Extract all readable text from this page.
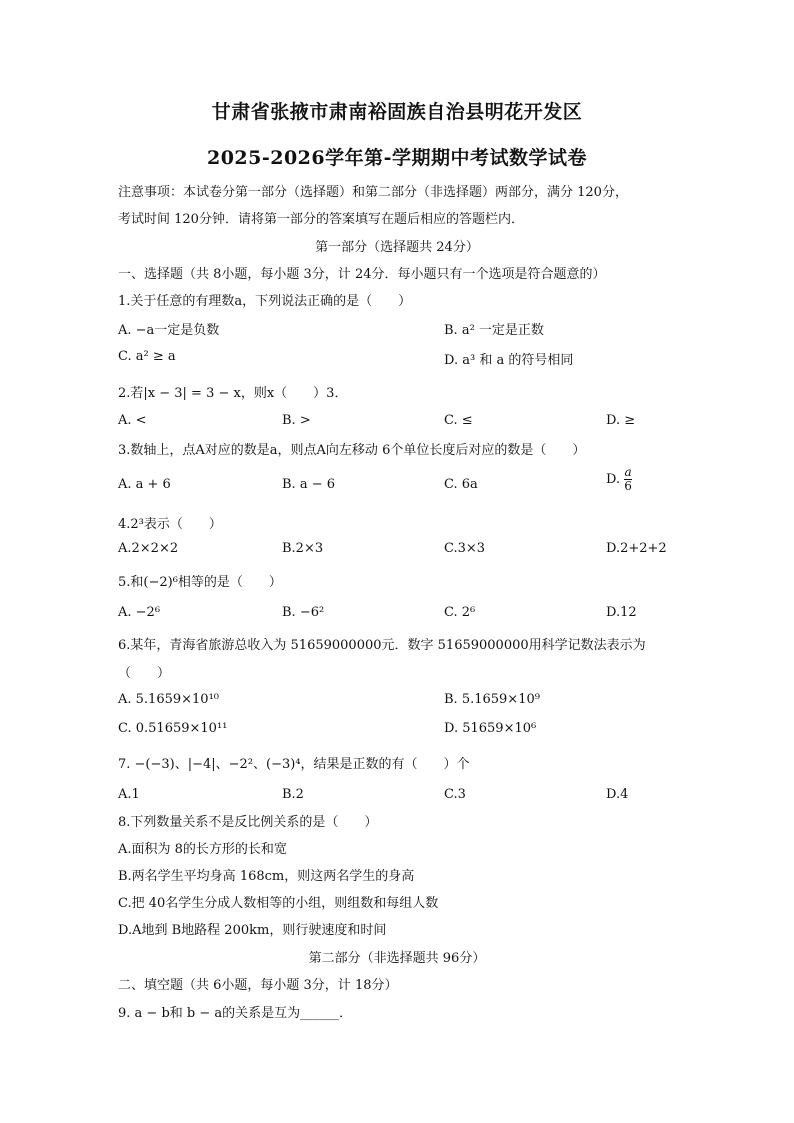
甘肃省张掖市肃南裕固族自治县明花开发区
2025-2026学年第-学期期中考试数学试卷
注意事项：本试卷分第一部分（选择题）和第二部分（非选择题）两部分，满分 120分，
考试时间 120分钟．请将第一部分的答案填写在题后相应的答题栏内．
第一部分（选择题共 24分）
一、选择题（共 8小题，每小题 3分，计 24分．每小题只有一个选项是符合题意的）
1.关于任意的有理数a，下列说法正确的是（　　）
A. −a一定是负数	B. a² 一定是正数
C. a² ≥ a	D. a³ 和 a 的符号相同
2.若|x − 3| = 3 − x，则x（　　）3．
A. <	B. >	C. ≤	D. ≥
3.数轴上，点A对应的数是a，则点A向左移动 6个单位长度后对应的数是（　　）
A. a + 6	B. a − 6	C. 6a	D. $\frac{a}{6}$
4.2³表示（　　）
A.2×2×2	B.2×3	C.3×3	D.2+2+2
5.和(−2)⁶相等的是（　　）
A. −2⁶	B. −6²	C. 2⁶	D.12
6.某年，青海省旅游总收入为 51659000000元．数字 51659000000用科学记数法表示为
（　　）
A. 5.1659×10¹⁰	B. 5.1659×10⁹
C. 0.51659×10¹¹	D. 51659×10⁶
7. −(−3)、|−4|、−2²、(−3)⁴，结果是正数的有（　　）个
A.1	B.2	C.3	D.4
8.下列数量关系不是反比例关系的是（　　）
A.面积为 8的长方形的长和宽
B.两名学生平均身高 168cm，则这两名学生的身高
C.把 40名学生分成人数相等的小组，则组数和每组人数
D.A地到 B地路程 200km，则行驶速度和时间
第二部分（非选择题共 96分）
二、填空题（共 6小题，每小题 3分，计 18分）
9. a − b和 b − a的关系是互为______．
